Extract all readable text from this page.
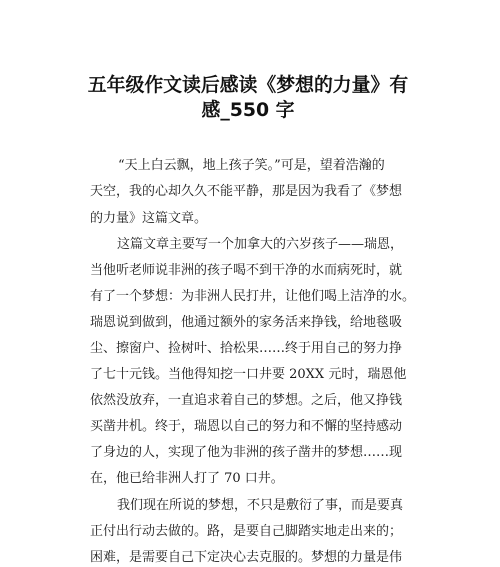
五年级作文读后感读《梦想的力量》有
感_550 字
“天上白云飘，地上孩子笑。”可是，望着浩瀚的
天空，我的心却久久不能平静，那是因为我看了《梦想
的力量》这篇文章。
这篇文章主要写一个加拿大的六岁孩子——瑞恩，
当他听老师说非洲的孩子喝不到干净的水而病死时，就
有了一个梦想：为非洲人民打井，让他们喝上洁净的水。
瑞恩说到做到，他通过额外的家务活来挣钱，给地毯吸
尘、擦窗户、捡树叶、拾松果……终于用自己的努力挣
了七十元钱。当他得知挖一口井要 20XX 元时，瑞恩他
依然没放弃，一直追求着自己的梦想。之后，他又挣钱
买凿井机。终于，瑞恩以自己的努力和不懈的坚持感动
了身边的人，实现了他为非洲的孩子凿井的梦想……现
在，他已给非洲人打了 70 口井。
我们现在所说的梦想，不只是敷衍了事，而是要真
正付出行动去做的。路，是要自己脚踏实地走出来的；
困难，是需要自己下定决心去克服的。梦想的力量是伟
